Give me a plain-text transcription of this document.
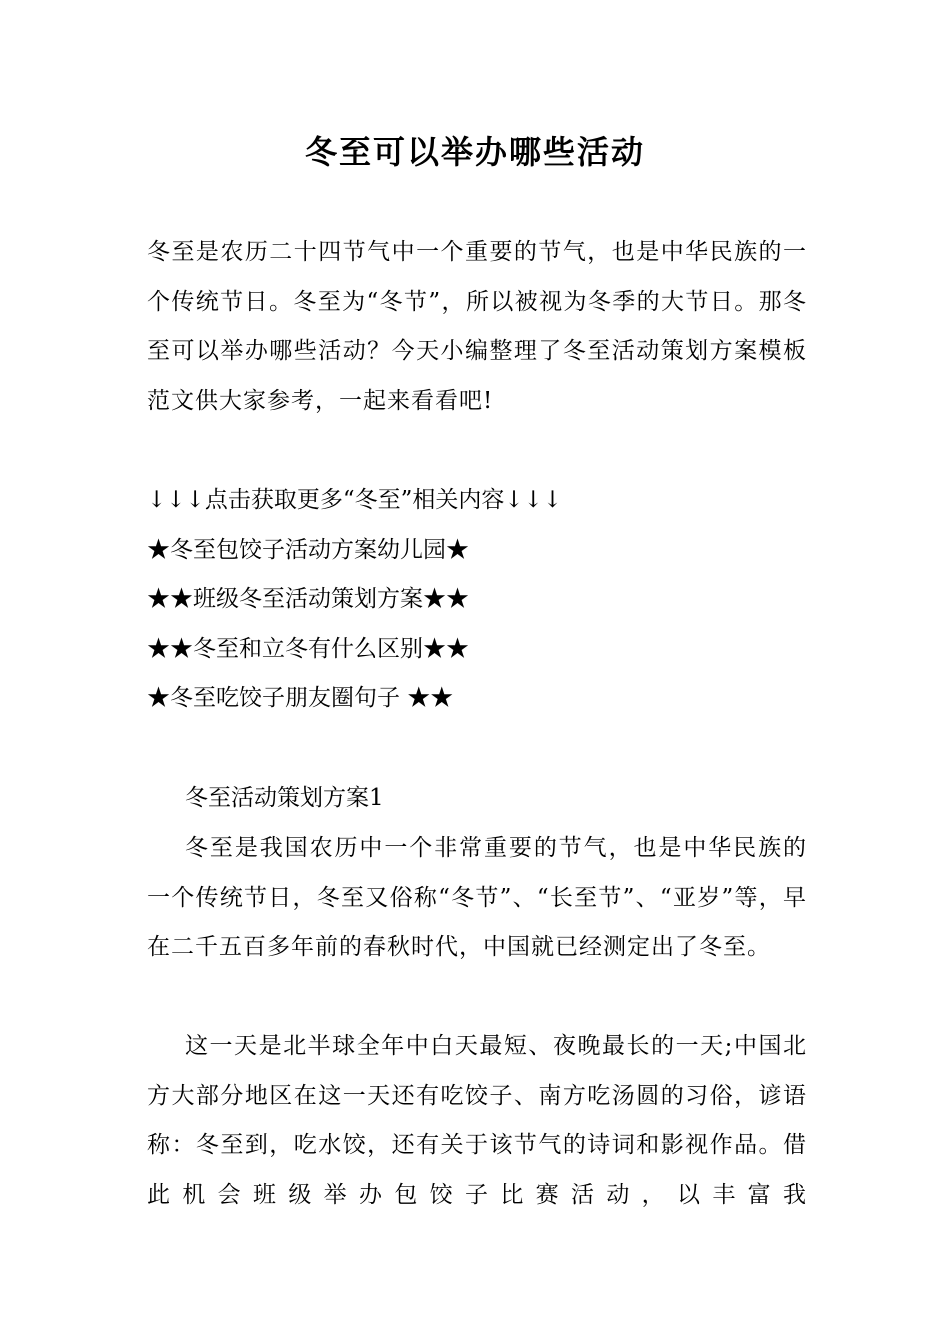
冬至可以举办哪些活动

冬至是农历二十四节气中一个重要的节气，也是中华民族的一个传统节日。冬至为“冬节”，所以被视为冬季的大节日。那冬至可以举办哪些活动？今天小编整理了冬至活动策划方案模板范文供大家参考，一起来看看吧!

↓↓↓点击获取更多“冬至”相关内容↓↓↓
★冬至包饺子活动方案幼儿园★
★★班级冬至活动策划方案★★
★★冬至和立冬有什么区别★★
★冬至吃饺子朋友圈句子 ★★
冬至活动策划方案1

冬至是我国农历中一个非常重要的节气，也是中华民族的一个传统节日，冬至又俗称“冬节”、“长至节”、“亚岁”等，早在二千五百多年前的春秋时代，中国就已经测定出了冬至。

这一天是北半球全年中白天最短、夜晚最长的一天;中国北方大部分地区在这一天还有吃饺子、南方吃汤圆的习俗，谚语称：冬至到，吃水饺，还有关于该节气的诗词和影视作品。借此机会班级举办包饺子比赛活动，以丰富我
